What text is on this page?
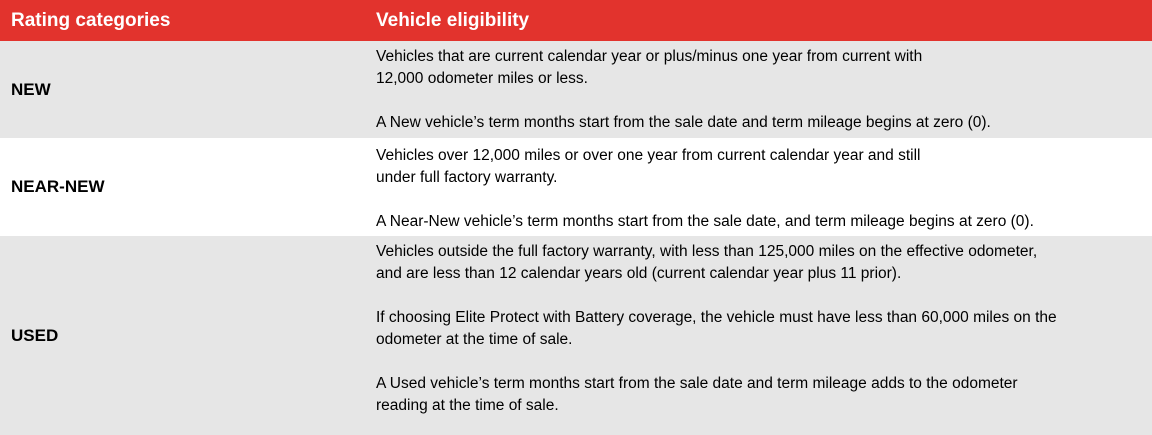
Rating categories	Vehicle eligibility
NEW

Vehicles that are current calendar year or plus/minus one year from current with
12,000 odometer miles or less.

A New vehicle’s term months start from the sale date and term mileage begins at zero (0).

NEAR-NEW

Vehicles over 12,000 miles or over one year from current calendar year and still
under full factory warranty.

A Near-New vehicle’s term months start from the sale date, and term mileage begins at zero (0).

USED

Vehicles outside the full factory warranty, with less than 125,000 miles on the effective odometer,
and are less than 12 calendar years old (current calendar year plus 11 prior).

If choosing Elite Protect with Battery coverage, the vehicle must have less than 60,000 miles on the
odometer at the time of sale.

A Used vehicle’s term months start from the sale date and term mileage adds to the odometer
reading at the time of sale.
